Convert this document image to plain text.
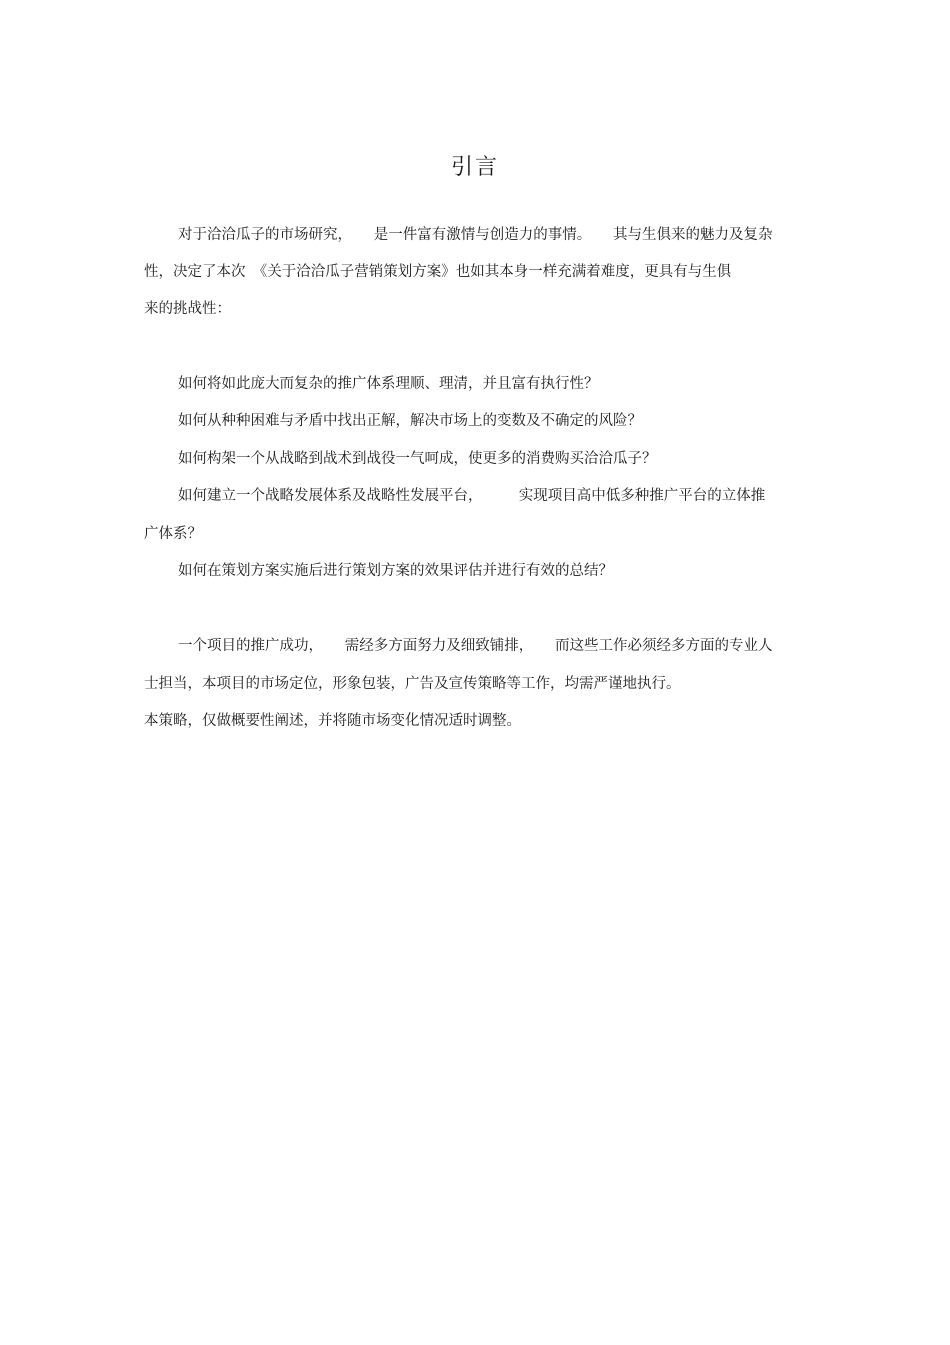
引言
对于洽洽瓜子的市场研究，　　是一件富有激情与创造力的事情。　　其与生俱来的魅力及复杂
性，决定了本次　《关于洽洽瓜子营销策划方案》也如其本身一样充满着难度，更具有与生俱
来的挑战性：
如何将如此庞大而复杂的推广体系理顺、理清，并且富有执行性？
如何从种种困难与矛盾中找出正解，解决市场上的变数及不确定的风险？
如何构架一个从战略到战术到战役一气呵成，使更多的消费购买洽洽瓜子？
如何建立一个战略发展体系及战略性发展平台，　　　实现项目高中低多种推广平台的立体推
广体系？
如何在策划方案实施后进行策划方案的效果评估并进行有效的总结？
一个项目的推广成功，　　需经多方面努力及细致铺排，　　而这些工作必须经多方面的专业人
士担当，本项目的市场定位，形象包装，广告及宣传策略等工作，均需严谨地执行。
本策略，仅做概要性阐述，并将随市场变化情况适时调整。
